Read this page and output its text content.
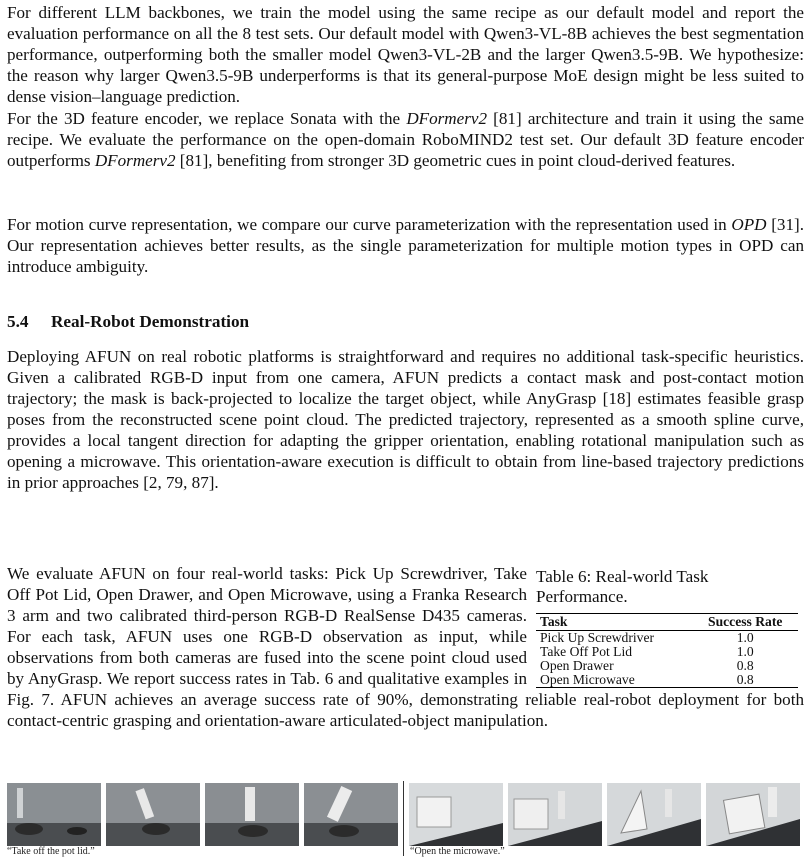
For different LLM backbones, we train the model using the same recipe as our default model and report the evaluation performance on all the 8 test sets. Our default model with Qwen3-VL-8B achieves the best segmentation performance, outperforming both the smaller model Qwen3-VL-2B and the larger Qwen3.5-9B. We hypothesize: the reason why larger Qwen3.5-9B underperforms is that its general-purpose MoE design might be less suited to dense vision–language prediction.

For the 3D feature encoder, we replace Sonata with the DFormerv2 [81] architecture and train it using the same recipe. We evaluate the performance on the open-domain RoboMIND2 test set. Our default 3D feature encoder outperforms DFormerv2 [81], benefiting from stronger 3D geometric cues in point cloud-derived features.

For motion curve representation, we compare our curve parameterization with the representation used in OPD [31]. Our representation achieves better results, as the single parameterization for multiple motion types in OPD can introduce ambiguity.

5.4 Real-Robot Demonstration

Deploying AFUN on real robotic platforms is straightforward and requires no additional task-specific heuristics. Given a calibrated RGB-D input from one camera, AFUN predicts a contact mask and post-contact motion trajectory; the mask is back-projected to localize the target object, while AnyGrasp [18] estimates feasible grasp poses from the reconstructed scene point cloud. The predicted trajectory, represented as a smooth spline curve, provides a local tangent direction for adapting the gripper orientation, enabling rotational manipulation such as opening a microwave. This orientation-aware execution is difficult to obtain from line-based trajectory predictions in prior approaches [2, 79, 87].

Table 6: Real-world Task Performance.
Task	Success Rate
Pick Up Screwdriver	1.0
Take Off Pot Lid	1.0
Open Drawer	0.8
Open Microwave	0.8
We evaluate AFUN on four real-world tasks: Pick Up Screwdriver, Take Off Pot Lid, Open Drawer, and Open Microwave, using a Franka Research 3 arm and two calibrated third-person RGB-D RealSense D435 cameras. For each task, AFUN uses one RGB-D observation as input, while observations from both cameras are fused into the scene point cloud used by AnyGrasp. We report success rates in Tab. 6 and qualitative examples in Fig. 7. AFUN achieves an average success rate of 90%, demonstrating reliable real-robot deployment for both contact-centric grasping and orientation-aware articulated-object manipulation.
“Take off the pot lid.”	“Open the microwave.”
